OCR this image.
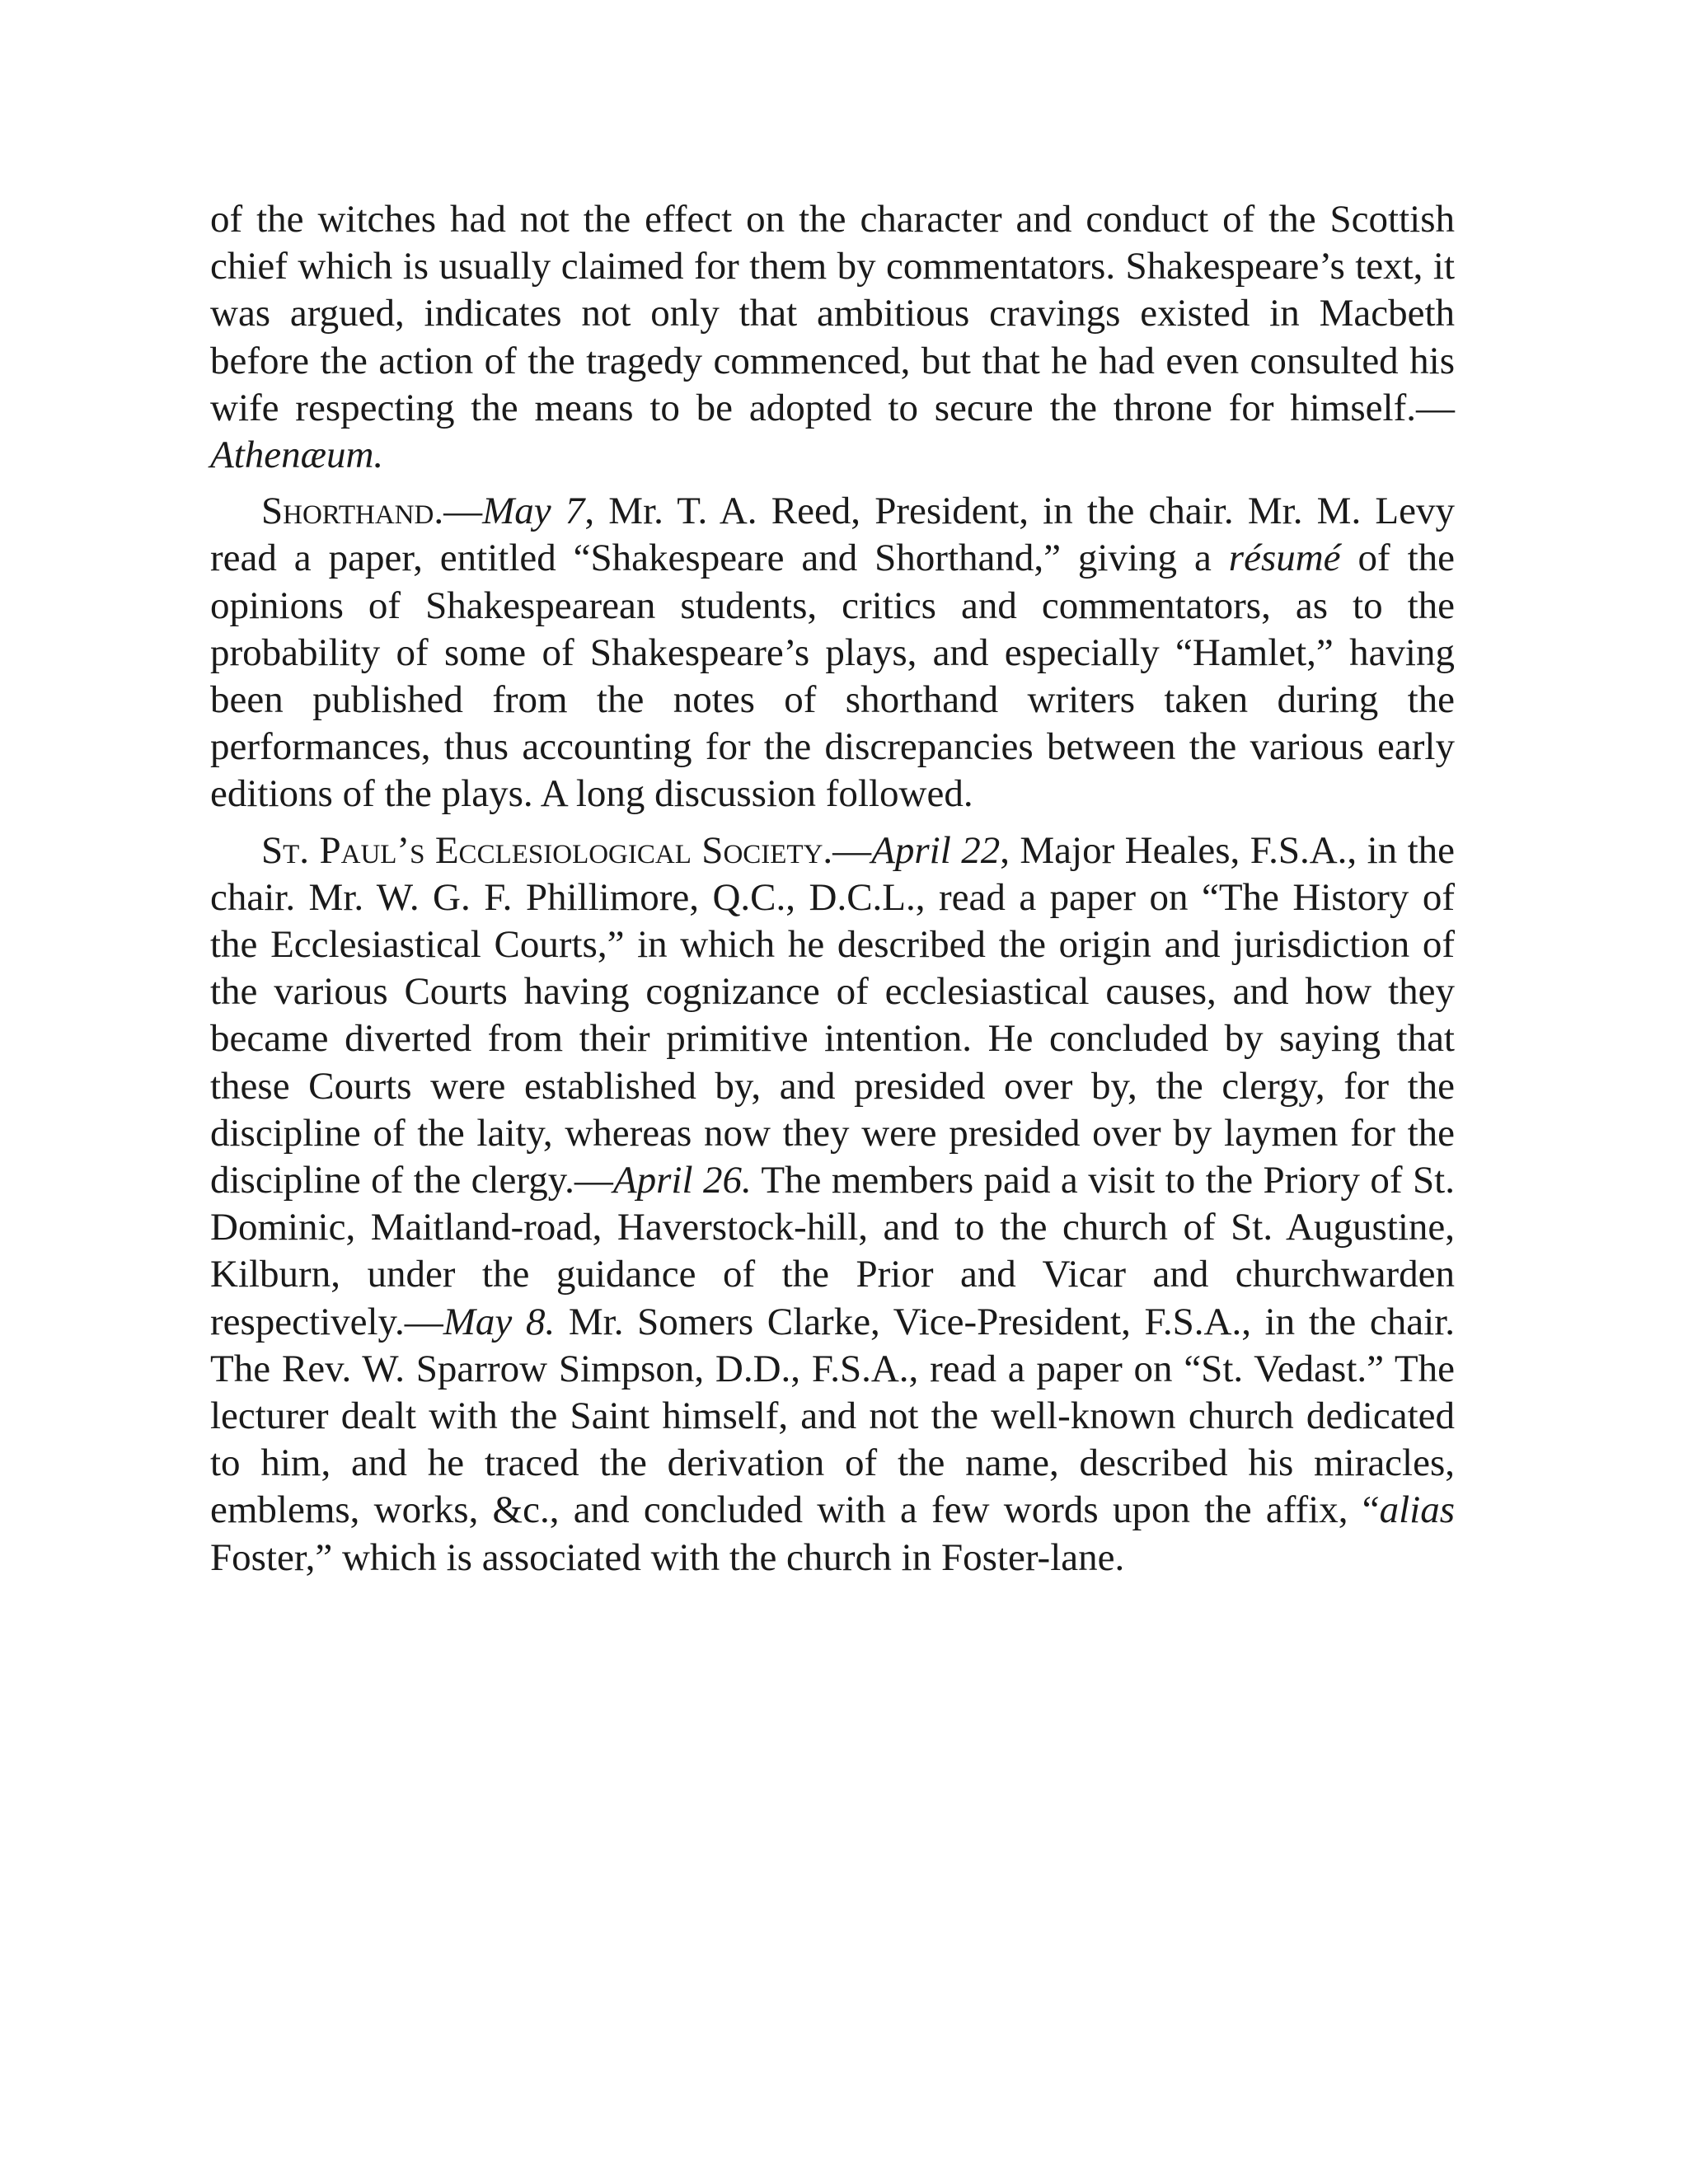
of the witches had not the effect on the character and conduct of the Scottish chief which is usually claimed for them by commentators. Shakespeare’s text, it was argued, indicates not only that ambitious cravings existed in Macbeth before the action of the tragedy commenced, but that he had even consulted his wife respecting the means to be adopted to secure the throne for himself.—Athenæum.

Shorthand.—May 7, Mr. T. A. Reed, President, in the chair. Mr. M. Levy read a paper, entitled “Shakespeare and Shorthand,” giving a résumé of the opinions of Shakespearean students, critics and commentators, as to the probability of some of Shakespeare’s plays, and especially “Hamlet,” having been published from the notes of shorthand writers taken during the performances, thus accounting for the discrepancies between the various early editions of the plays. A long discussion followed.

St. Paul’s Ecclesiological Society.—April 22, Major Heales, F.S.A., in the chair. Mr. W. G. F. Phillimore, Q.C., D.C.L., read a paper on “The History of the Ecclesiastical Courts,” in which he described the origin and jurisdiction of the various Courts having cognizance of ecclesiastical causes, and how they became diverted from their primitive intention. He concluded by saying that these Courts were established by, and presided over by, the clergy, for the discipline of the laity, whereas now they were presided over by laymen for the discipline of the clergy.—April 26. The members paid a visit to the Priory of St. Dominic, Maitland-road, Haverstock-hill, and to the church of St. Augustine, Kilburn, under the guidance of the Prior and Vicar and churchwarden respectively.—May 8. Mr. Somers Clarke, Vice-President, F.S.A., in the chair. The Rev. W. Sparrow Simpson, D.D., F.S.A., read a paper on “St. Vedast.” The lecturer dealt with the Saint himself, and not the well-known church dedicated to him, and he traced the derivation of the name, described his miracles, emblems, works, &c., and concluded with a few words upon the affix, “alias Foster,” which is associated with the church in Foster-lane.
